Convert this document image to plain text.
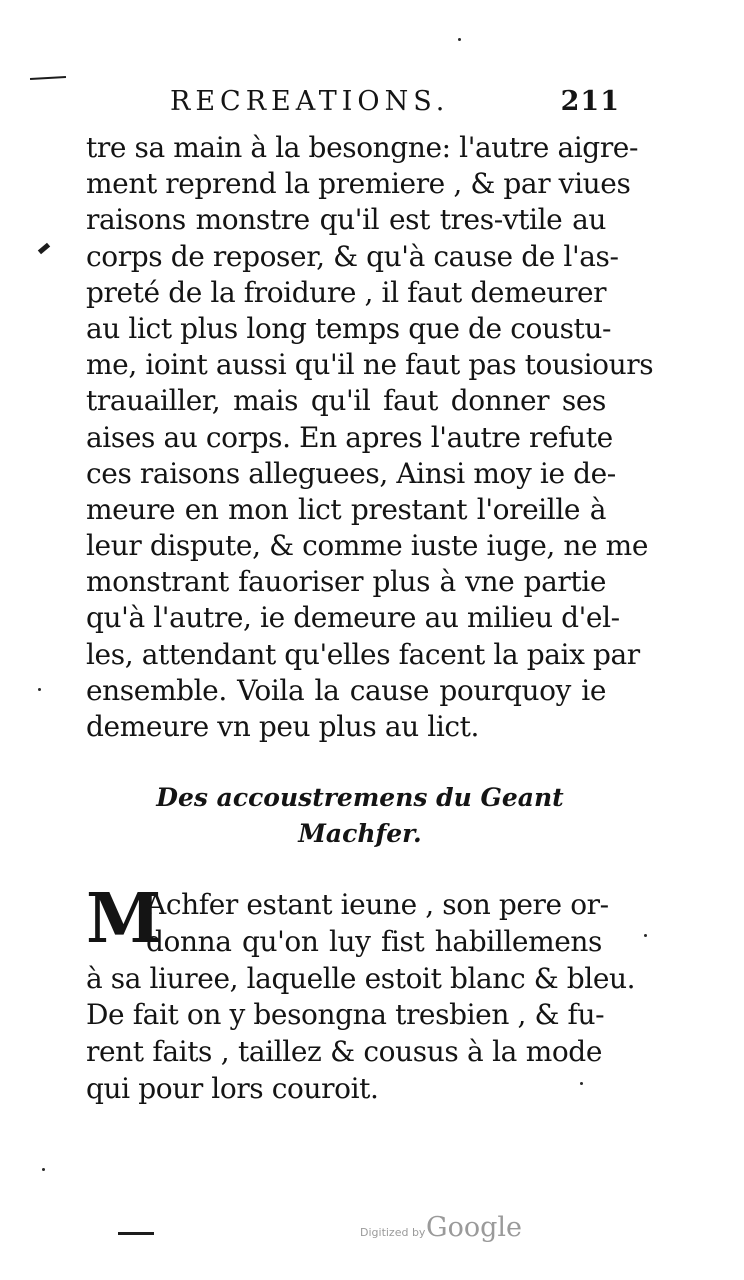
RECREATIONS.	211
tre sa main à la besongne: l'autre aigre-
ment reprend la premiere , & par viues
raisons monstre qu'il est tres-vtile au
corps de reposer, & qu'à cause de l'as-
preté de la froidure , il faut demeurer
au lict plus long temps que de coustu-
me, ioint aussi qu'il ne faut pas tousiours
trauailler, mais qu'il faut donner ses
aises au corps. En apres l'autre refute
ces raisons alleguees, Ainsi moy ie de-
meure en mon lict prestant l'oreille à
leur dispute, & comme iuste iuge, ne me
monstrant fauoriser plus à vne partie
qu'à l'autre, ie demeure au milieu d'el-
les, attendant qu'elles facent la paix par
ensemble. Voila la cause pourquoy ie
demeure vn peu plus au lict.
Des accoustremens du Geant
Machfer.
M
Achfer estant ieune , son pere or-
donna qu'on luy fist habillemens
à sa liuree, laquelle estoit blanc & bleu.
De fait on y besongna tresbien , & fu-
rent faits , taillez & cousus à la mode
qui pour lors couroit.
Digitized by Google
